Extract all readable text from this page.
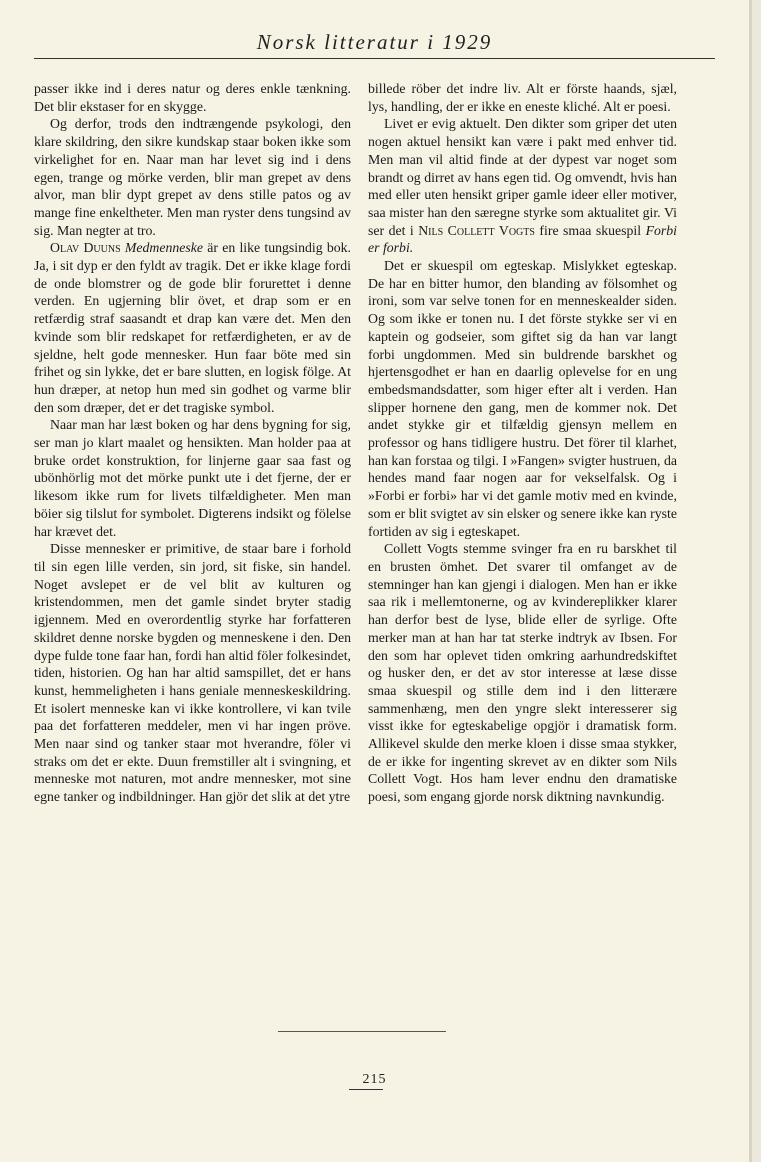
Norsk litteratur i 1929

passer ikke ind i deres natur og deres enkle tænkning. Det blir ekstaser for en skygge.

Og derfor, trods den indtrængende psykologi, den klare skildring, den sikre kundskap staar boken ikke som virkelighet for en. Naar man har levet sig ind i dens egen, trange og mörke verden, blir man grepet av dens alvor, man blir dypt grepet av dens stille patos og av mange fine enkeltheter. Men man ryster dens tungsind av sig. Man negter at tro.

Olav Duuns Medmenneske är en like tungsindig bok. Ja, i sit dyp er den fyldt av tragik. Det er ikke klage fordi de onde blomstrer og de gode blir forurettet i denne verden. En ugjerning blir övet, et drap som er en retfærdig straf saasandt et drap kan være det. Men den kvinde som blir redskapet for retfærdigheten, er av de sjeldne, helt gode mennesker. Hun faar böte med sin frihet og sin lykke, det er bare slutten, en logisk fölge. At hun dræper, at netop hun med sin godhet og varme blir den som dræper, det er det tragiske symbol.

Naar man har læst boken og har dens bygning for sig, ser man jo klart maalet og hensikten. Man holder paa at bruke ordet konstruktion, for linjerne gaar saa fast og ubönhörlig mot det mörke punkt ute i det fjerne, der er likesom ikke rum for livets tilfældigheter. Men man böier sig tilslut for symbolet. Digterens indsikt og fölelse har krævet det.

Disse mennesker er primitive, de staar bare i forhold til sin egen lille verden, sin jord, sit fiske, sin handel. Noget avslepet er de vel blit av kulturen og kristendommen, men det gamle sindet bryter stadig igjennem. Med en overordentlig styrke har forfatteren skildret denne norske bygden og menneskene i den. Den dype fulde tone faar han, fordi han altid föler folkesindet, tiden, historien. Og han har altid samspillet, det er hans kunst, hemmeligheten i hans geniale menneskeskildring. Et isolert menneske kan vi ikke kontrollere, vi kan tvile paa det forfatteren meddeler, men vi har ingen pröve. Men naar sind og tanker staar mot hverandre, föler vi straks om det er ekte. Duun fremstiller alt i svingning, et menneske mot naturen, mot andre mennesker, mot sine egne tanker og indbildninger. Han gjör det slik at det ytre

billede röber det indre liv. Alt er förste haands, sjæl, lys, handling, der er ikke en eneste kliché. Alt er poesi.

Livet er evig aktuelt. Den dikter som griper det uten nogen aktuel hensikt kan være i pakt med enhver tid. Men man vil altid finde at der dypest var noget som brandt og dirret av hans egen tid. Og omvendt, hvis han med eller uten hensikt griper gamle ideer eller motiver, saa mister han den særegne styrke som aktualitet gir. Vi ser det i Nils Collett Vogts fire smaa skuespil Forbi er forbi.

Det er skuespil om egteskap. Mislykket egteskap. De har en bitter humor, den blanding av fölsomhet og ironi, som var selve tonen for en menneskealder siden. Og som ikke er tonen nu. I det förste stykke ser vi en kaptein og godseier, som giftet sig da han var langt forbi ungdommen. Med sin buldrende barskhet og hjertensgodhet er han en daarlig oplevelse for en ung embedsmandsdatter, som higer efter alt i verden. Han slipper hornene den gang, men de kommer nok. Det andet stykke gir et tilfældig gjensyn mellem en professor og hans tidligere hustru. Det förer til klarhet, han kan forstaa og tilgi. I »Fangen» svigter hustruen, da hendes mand faar nogen aar for vekselfalsk. Og i »Forbi er forbi» har vi det gamle motiv med en kvinde, som er blit svigtet av sin elsker og senere ikke kan ryste fortiden av sig i egteskapet.

Collett Vogts stemme svinger fra en ru barskhet til en brusten ömhet. Det svarer til omfanget av de stemninger han kan gjengi i dialogen. Men han er ikke saa rik i mellemtonerne, og av kvindereplikker klarer han derfor best de lyse, blide eller de syrlige. Ofte merker man at han har tat sterke indtryk av Ibsen. For den som har oplevet tiden omkring aarhundredskiftet og husker den, er det av stor interesse at læse disse smaa skuespil og stille dem ind i den litterære sammenhæng, men den yngre slekt interesserer sig visst ikke for egteskabelige opgjör i dramatisk form. Allikevel skulde den merke kloen i disse smaa stykker, de er ikke for ingenting skrevet av en dikter som Nils Collett Vogt. Hos ham lever endnu den dramatiske poesi, som engang gjorde norsk diktning navnkundig.

215
